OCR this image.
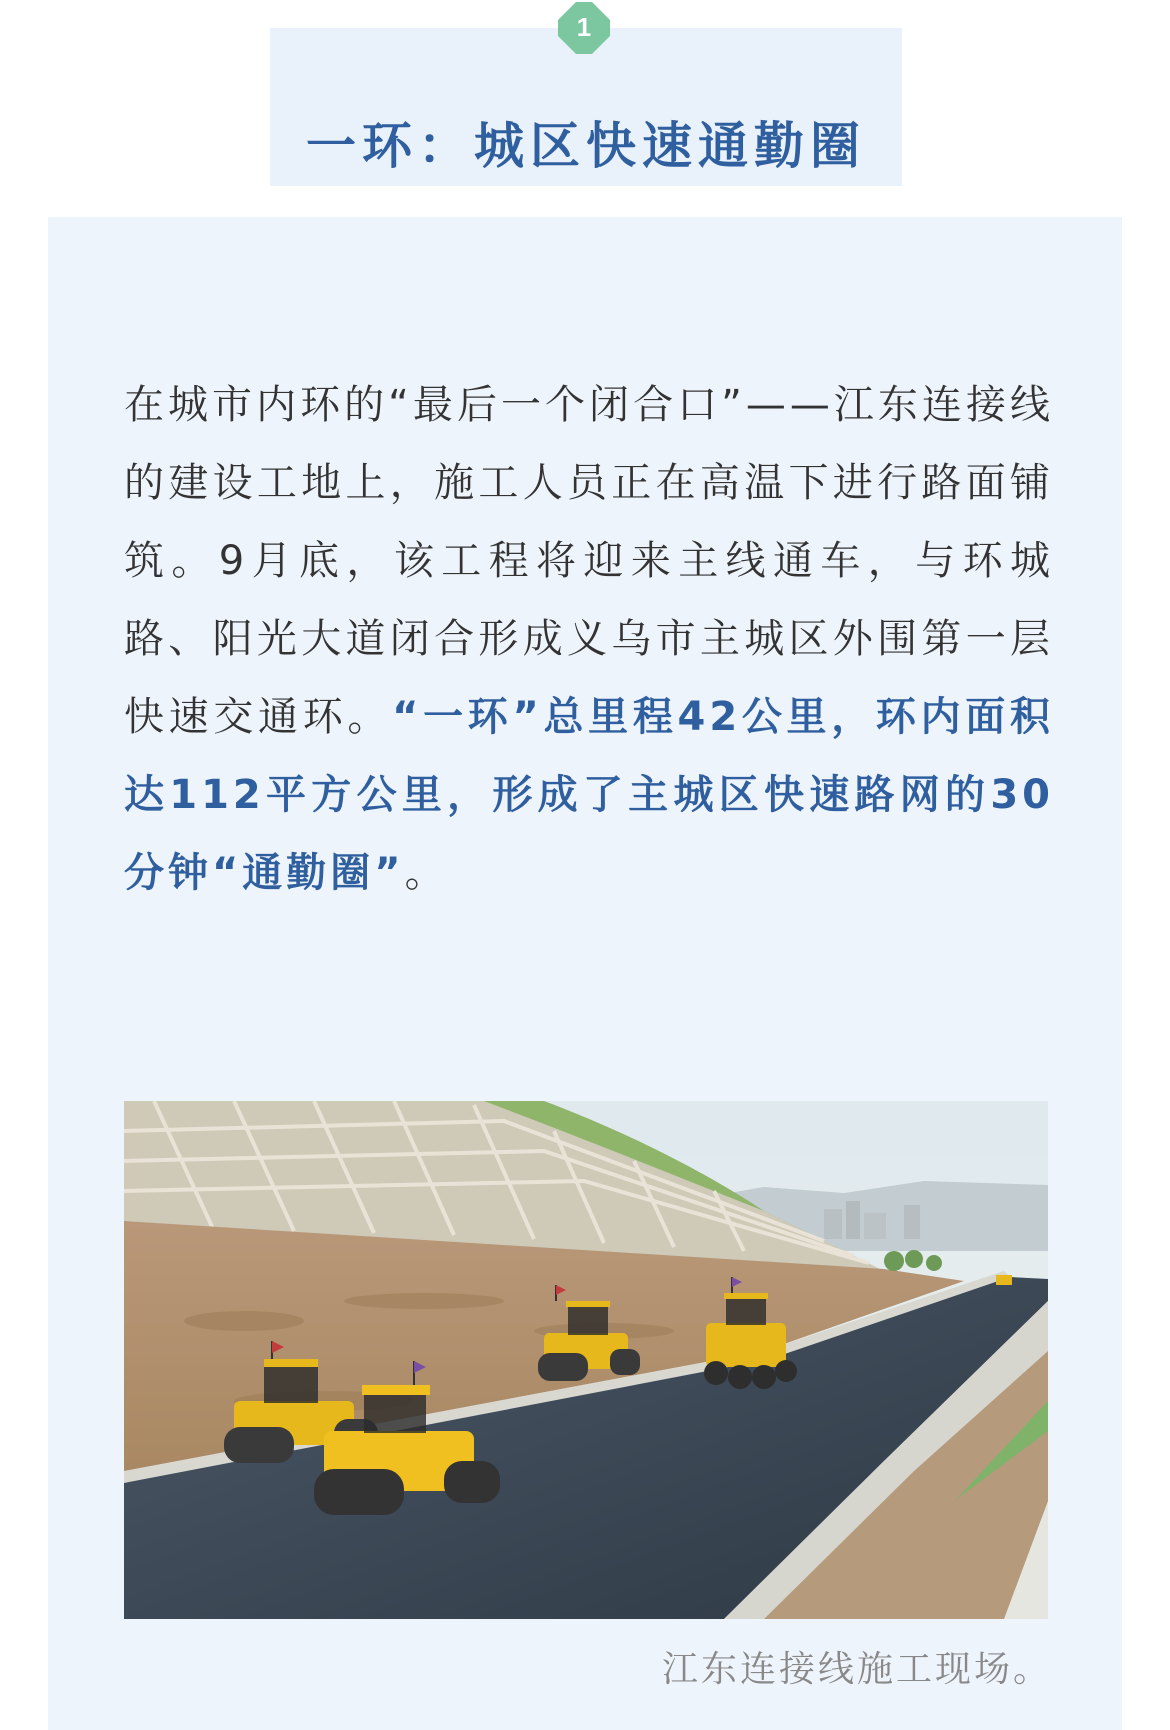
1
一环：城区快速通勤圈

在城市内环的“最后一个闭合口”——江东连接线的建设工地上，施工人员正在高温下进行路面铺筑。9月底，该工程将迎来主线通车，与环城路、阳光大道闭合形成义乌市主城区外围第一层快速交通环。“一环”总里程42公里，环内面积达112平方公里，形成了主城区快速路网的30分钟“通勤圈”。

江东连接线施工现场。
